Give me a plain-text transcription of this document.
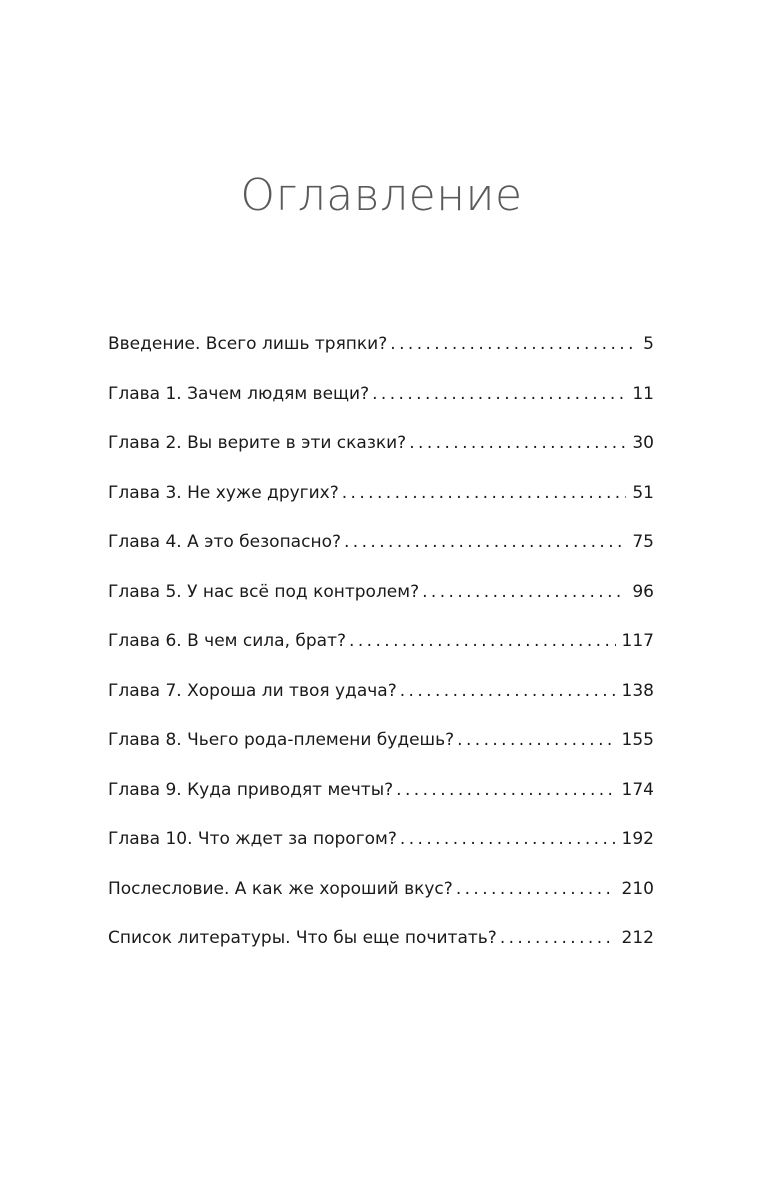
Оглавление
Введение. Всего лишь тряпки? . . .	5
Глава 1. Зачем людям вещи? . . .	11
Глава 2. Вы верите в эти сказки? . . .	30
Глава 3. Не хуже других? . . .	51
Глава 4. А это безопасно? . . .	75
Глава 5. У нас всё под контролем? . . .	96
Глава 6. В чем сила, брат? . . .	117
Глава 7. Хороша ли твоя удача? . . .	138
Глава 8. Чьего рода-племени будешь? . . .	155
Глава 9. Куда приводят мечты? . . .	174
Глава 10. Что ждет за порогом? . . .	192
Послесловие. А как же хороший вкус? . . .	210
Список литературы. Что бы еще почитать? . . .	212
